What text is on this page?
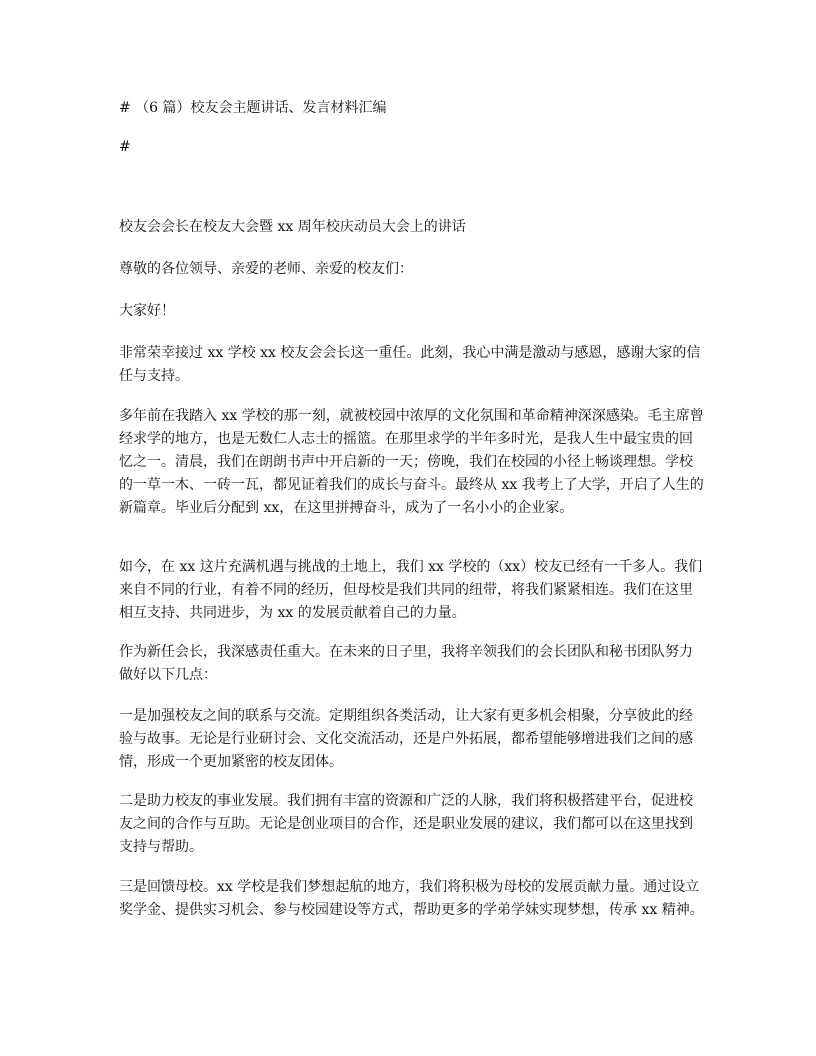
# （6 篇）校友会主题讲话、发言材料汇编

#

校友会会长在校友大会暨 xx 周年校庆动员大会上的讲话

尊敬的各位领导、亲爱的老师、亲爱的校友们：

大家好！

非常荣幸接过 xx 学校 xx 校友会会长这一重任。此刻，我心中满是激动与感恩，感谢大家的信任与支持。

多年前在我踏入 xx 学校的那一刻，就被校园中浓厚的文化氛围和革命精神深深感染。毛主席曾经求学的地方，也是无数仁人志士的摇篮。在那里求学的半年多时光，是我人生中最宝贵的回忆之一。清晨，我们在朗朗书声中开启新的一天；傍晚，我们在校园的小径上畅谈理想。学校的一草一木、一砖一瓦，都见证着我们的成长与奋斗。最终从 xx 我考上了大学，开启了人生的新篇章。毕业后分配到 xx，在这里拼搏奋斗，成为了一名小小的企业家。

如今，在 xx 这片充满机遇与挑战的土地上，我们 xx 学校的（xx）校友已经有一千多人。我们来自不同的行业，有着不同的经历，但母校是我们共同的纽带，将我们紧紧相连。我们在这里相互支持、共同进步，为 xx 的发展贡献着自己的力量。

作为新任会长，我深感责任重大。在未来的日子里，我将辛领我们的会长团队和秘书团队努力做好以下几点：

一是加强校友之间的联系与交流。定期组织各类活动，让大家有更多机会相聚，分享彼此的经验与故事。无论是行业研讨会、文化交流活动，还是户外拓展，都希望能够增进我们之间的感情，形成一个更加紧密的校友团体。

二是助力校友的事业发展。我们拥有丰富的资源和广泛的人脉，我们将积极搭建平台，促进校友之间的合作与互助。无论是创业项目的合作，还是职业发展的建议，我们都可以在这里找到支持与帮助。

三是回馈母校。xx 学校是我们梦想起航的地方，我们将积极为母校的发展贡献力量。通过设立奖学金、提供实习机会、参与校园建设等方式，帮助更多的学弟学妹实现梦想，传承 xx 精神。
